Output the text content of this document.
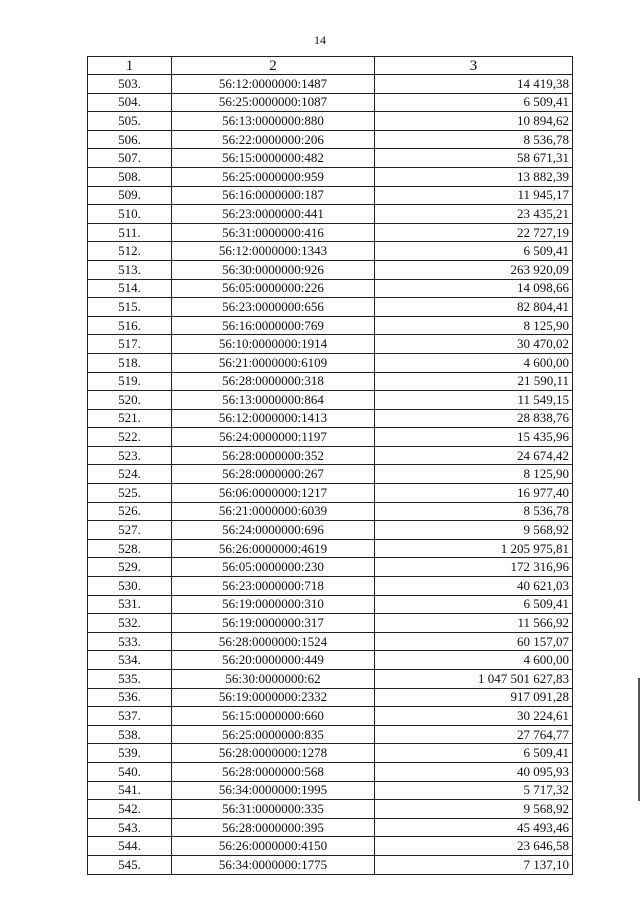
14
1	2	3
503.	56:12:0000000:1487	14 419,38
504.	56:25:0000000:1087	6 509,41
505.	56:13:0000000:880	10 894,62
506.	56:22:0000000:206	8 536,78
507.	56:15:0000000:482	58 671,31
508.	56:25:0000000:959	13 882,39
509.	56:16:0000000:187	11 945,17
510.	56:23:0000000:441	23 435,21
511.	56:31:0000000:416	22 727,19
512.	56:12:0000000:1343	6 509,41
513.	56:30:0000000:926	263 920,09
514.	56:05:0000000:226	14 098,66
515.	56:23:0000000:656	82 804,41
516.	56:16:0000000:769	8 125,90
517.	56:10:0000000:1914	30 470,02
518.	56:21:0000000:6109	4 600,00
519.	56:28:0000000:318	21 590,11
520.	56:13:0000000:864	11 549,15
521.	56:12:0000000:1413	28 838,76
522.	56:24:0000000:1197	15 435,96
523.	56:28:0000000:352	24 674,42
524.	56:28:0000000:267	8 125,90
525.	56:06:0000000:1217	16 977,40
526.	56:21:0000000:6039	8 536,78
527.	56:24:0000000:696	9 568,92
528.	56:26:0000000:4619	1 205 975,81
529.	56:05:0000000:230	172 316,96
530.	56:23:0000000:718	40 621,03
531.	56:19:0000000:310	6 509,41
532.	56:19:0000000:317	11 566,92
533.	56:28:0000000:1524	60 157,07
534.	56:20:0000000:449	4 600,00
535.	56:30:0000000:62	1 047 501 627,83
536.	56:19:0000000:2332	917 091,28
537.	56:15:0000000:660	30 224,61
538.	56:25:0000000:835	27 764,77
539.	56:28:0000000:1278	6 509,41
540.	56:28:0000000:568	40 095,93
541.	56:34:0000000:1995	5 717,32
542.	56:31:0000000:335	9 568,92
543.	56:28:0000000:395	45 493,46
544.	56:26:0000000:4150	23 646,58
545.	56:34:0000000:1775	7 137,10
